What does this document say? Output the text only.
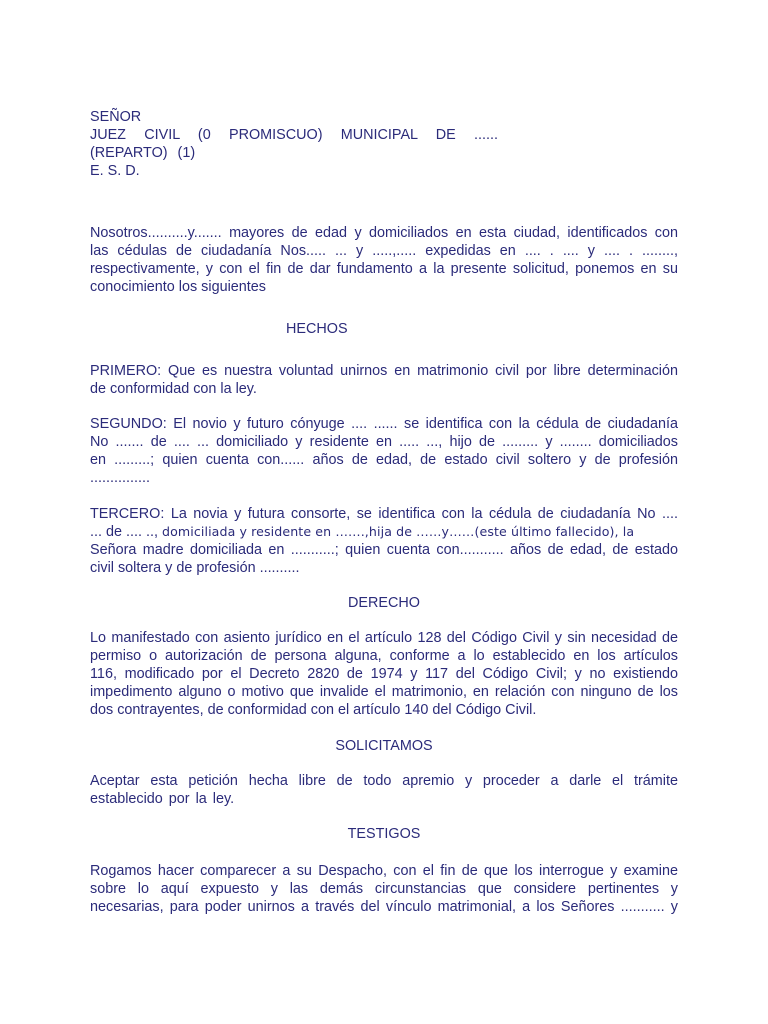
SEÑOR
JUEZ CIVIL (0 PROMISCUO) MUNICIPAL DE ......
(REPARTO) (1)
E. S. D.
Nosotros..........y....... mayores de edad y domiciliados en esta ciudad, identificados con
las cédulas de ciudadanía Nos..... ... y .....,..... expedidas en .... . .... y .... . ........,
respectivamente, y con el fin de dar fundamento a la presente solicitud, ponemos en su
conocimiento los siguientes
HECHOS
PRIMERO: Que es nuestra voluntad unirnos en matrimonio civil por libre determinación
de conformidad con la ley.
SEGUNDO: El novio y futuro cónyuge .... ...... se identifica con la cédula de ciudadanía
No ....... de .... ... domiciliado y residente en ..... ..., hijo de ......... y ........ domiciliados
en .........; quien cuenta con...... años de edad, de estado civil soltero y de profesión
...............
TERCERO: La novia y futura consorte, se identifica con la cédula de ciudadanía No ....
... de .... .., domiciliada y residente en …….,hija de ……y……(este último fallecido), la
Señora madre domiciliada en ...........; quien cuenta con........... años de edad, de estado
civil soltera y de profesión ..........
DERECHO
Lo manifestado con asiento jurídico en el artículo 128 del Código Civil y sin necesidad de
permiso o autorización de persona alguna, conforme a lo establecido en los artículos
116, modificado por el Decreto 2820 de 1974 y 117 del Código Civil; y no existiendo
impedimento alguno o motivo que invalide el matrimonio, en relación con ninguno de los
dos contrayentes, de conformidad con el artículo 140 del Código Civil.
SOLICITAMOS
Aceptar esta petición hecha libre de todo apremio y proceder a darle el trámite
establecido por la ley.
TESTIGOS
Rogamos hacer comparecer a su Despacho, con el fin de que los interrogue y examine
sobre lo aquí expuesto y las demás circunstancias que considere pertinentes y
necesarias, para poder unirnos a través del vínculo matrimonial, a los Señores ........... y
